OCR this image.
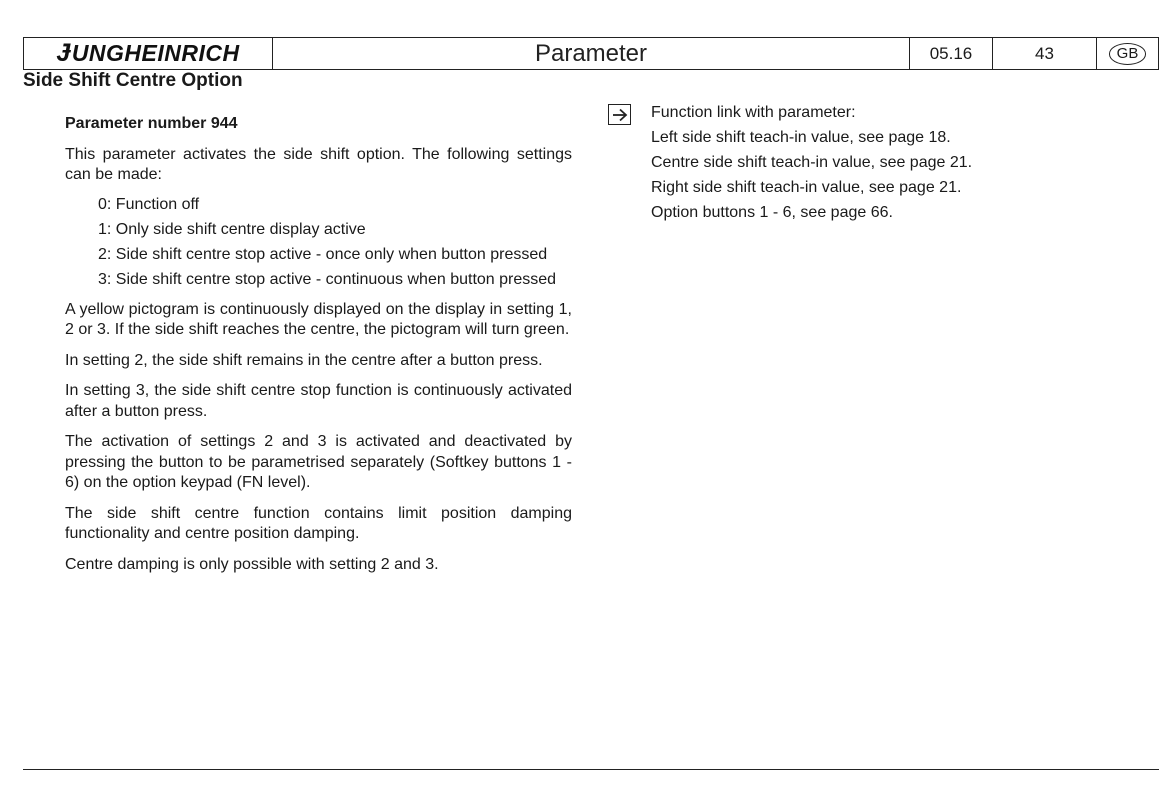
Ɉ UNGHEINRICH	Parameter	05.16	43	GB
Side Shift Centre Option

Parameter number 944

This parameter activates the side shift option. The following settings can be made:

0: Function off
1: Only side shift centre display active
2: Side shift centre stop active - once only when button pressed
3: Side shift centre stop active - continuous when button pressed

A yellow pictogram is continuously displayed on the display in setting 1, 2 or 3. If the side shift reaches the centre, the pictogram will turn green.

In setting 2, the side shift remains in the centre after a button press.

In setting 3, the side shift centre stop function is continuously activated after a button press.

The activation of settings 2 and 3 is activated and deactivated by pressing the button to be parametrised separately (Softkey buttons 1 - 6) on the option keypad (FN level).

The side shift centre function contains limit position damping functionality and centre position damping.

Centre damping is only possible with setting 2 and 3.

Function link with parameter:
Left side shift teach-in value, see page 18.
Centre side shift teach-in value, see page 21.
Right side shift teach-in value, see page 21.
Option buttons 1 - 6, see page 66.
